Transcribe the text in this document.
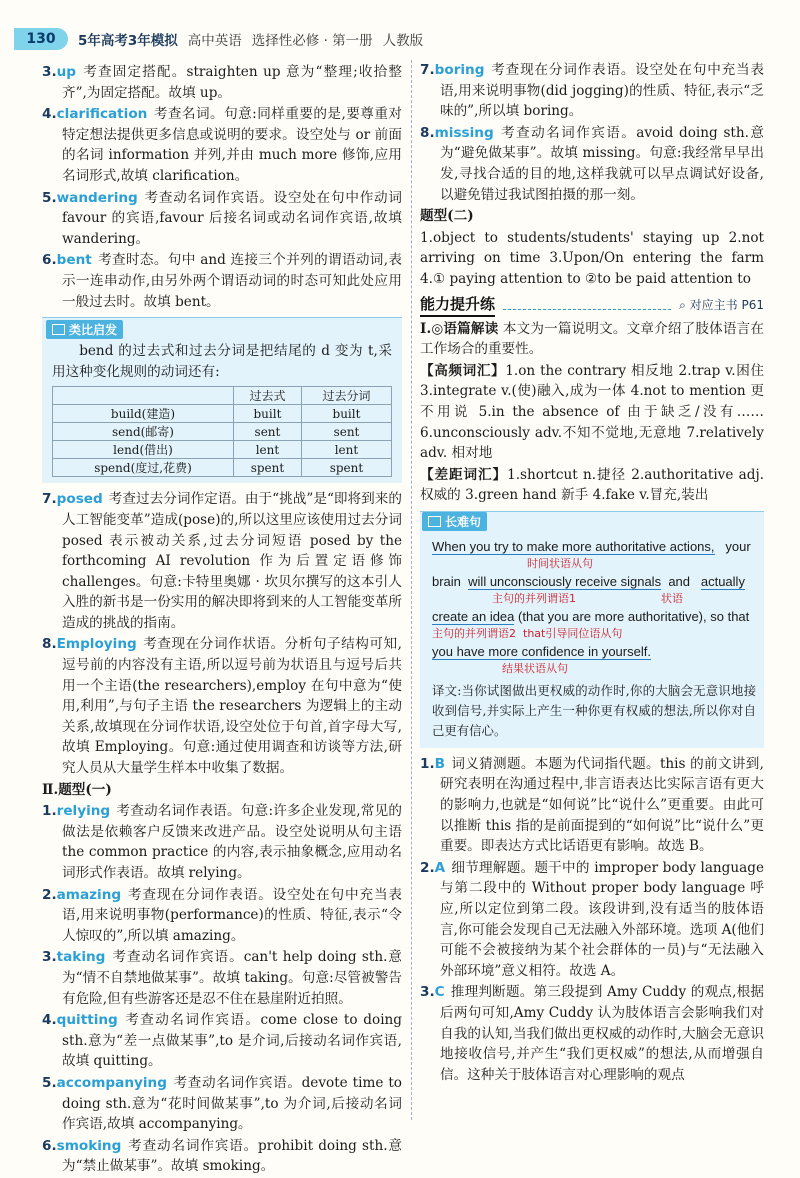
130	5年高考3年模拟 高中英语 选择性必修 · 第一册 人教版

3.up 考查固定搭配。straighten up 意为“整理;收拾整齐”,为固定搭配。故填 up。

4.clarification 考查名词。句意:同样重要的是,要尊重对特定想法提供更多信息或说明的要求。设空处与 or 前面的名词 information 并列,并由 much more 修饰,应用名词形式,故填 clarification。

5.wandering 考查动名词作宾语。设空处在句中作动词 favour 的宾语,favour 后接名词或动名词作宾语,故填 wandering。

6.bent 考查时态。句中 and 连接三个并列的谓语动词,表示一连串动作,由另外两个谓语动词的时态可知此处应用一般过去时。故填 bent。

类比启发

bend 的过去式和过去分词是把结尾的 d 变为 t,采用这种变化规则的动词还有:

	过去式	过去分词
build(建造)	built	built
send(邮寄)	sent	sent
lend(借出)	lent	lent
spend(度过,花费)	spent	spent

7.posed 考查过去分词作定语。由于“挑战”是“即将到来的人工智能变革”造成(pose)的,所以这里应该使用过去分词 posed 表示被动关系,过去分词短语 posed by the forthcoming AI revolution 作为后置定语修饰 challenges。句意:卡特里奥娜 · 坎贝尔撰写的这本引人入胜的新书是一份实用的解决即将到来的人工智能变革所造成的挑战的指南。

8.Employing 考查现在分词作状语。分析句子结构可知,逗号前的内容没有主语,所以逗号前为状语且与逗号后共用一个主语(the researchers),employ 在句中意为“使用,利用”,与句子主语 the researchers 为逻辑上的主动关系,故填现在分词作状语,设空处位于句首,首字母大写,故填 Employing。句意:通过使用调查和访谈等方法,研究人员从大量学生样本中收集了数据。

Ⅱ.题型(一)

1.relying 考查动名词作表语。句意:许多企业发现,常见的做法是依赖客户反馈来改进产品。设空处说明从句主语 the common practice 的内容,表示抽象概念,应用动名词形式作表语。故填 relying。

2.amazing 考查现在分词作表语。设空处在句中充当表语,用来说明事物(performance)的性质、特征,表示“令人惊叹的”,所以填 amazing。

3.taking 考查动名词作宾语。can't help doing sth.意为“情不自禁地做某事”。故填 taking。句意:尽管被警告有危险,但有些游客还是忍不住在悬崖附近拍照。

4.quitting 考查动名词作宾语。come close to doing sth.意为“差一点做某事”,to 是介词,后接动名词作宾语,故填 quitting。

5.accompanying 考查动名词作宾语。devote time to doing sth.意为“花时间做某事”,to 为介词,后接动名词作宾语,故填 accompanying。

6.smoking 考查动名词作宾语。prohibit doing sth.意为“禁止做某事”。故填 smoking。

7.boring 考查现在分词作表语。设空处在句中充当表语,用来说明事物(did jogging)的性质、特征,表示“乏味的”,所以填 boring。

8.missing 考查动名词作宾语。avoid doing sth.意为“避免做某事”。故填 missing。句意:我经常早早出发,寻找合适的目的地,这样我就可以早点调试好设备,以避免错过我试图拍摄的那一刻。

题型(二)

1.object to students/students' staying up 2.not arriving on time 3.Upon/On entering the farm 4.① paying attention to ②to be paid attention to

能力提升练	⌕ 对应主书 P61

Ⅰ.◎语篇解读 本文为一篇说明文。文章介绍了肢体语言在工作场合的重要性。

【高频词汇】1.on the contrary 相反地 2.trap v.困住 3.integrate v.(使)融入,成为一体 4.not to mention 更不用说 5.in the absence of 由于缺乏/没有…… 6.unconsciously adv.不知不觉地,无意地 7.relatively adv. 相对地

【差距词汇】1.shortcut n.捷径 2.authoritative adj.权威的 3.green hand 新手 4.fake v.冒充,装出

长难句

When you try to make more authoritative actions, your

时间状语从句

brain will unconsciously receive signals and actually

主句的并列谓语1	状语

create an idea (that you are more authoritative), so that

主句的并列谓语2 that引导同位语从句

you have more confidence in yourself.

结果状语从句

译文:当你试图做出更权威的动作时,你的大脑会无意识地接收到信号,并实际上产生一种你更有权威的想法,所以你对自己更有信心。

1.B 词义猜测题。本题为代词指代题。this 的前文讲到,研究表明在沟通过程中,非言语表达比实际言语有更大的影响力,也就是“如何说”比“说什么”更重要。由此可以推断 this 指的是前面提到的“如何说”比“说什么”更重要。即表达方式比话语更有影响。故选 B。

2.A 细节理解题。题干中的 improper body language 与第二段中的 Without proper body language 呼应,所以定位到第二段。该段讲到,没有适当的肢体语言,你可能会发现自己无法融入外部环境。选项 A(他们可能不会被接纳为某个社会群体的一员)与“无法融入外部环境”意义相符。故选 A。

3.C 推理判断题。第三段提到 Amy Cuddy 的观点,根据后两句可知,Amy Cuddy 认为肢体语言会影响我们对自我的认知,当我们做出更权威的动作时,大脑会无意识地接收信号,并产生“我们更权威”的想法,从而增强自信。这种关于肢体语言对心理影响的观点
